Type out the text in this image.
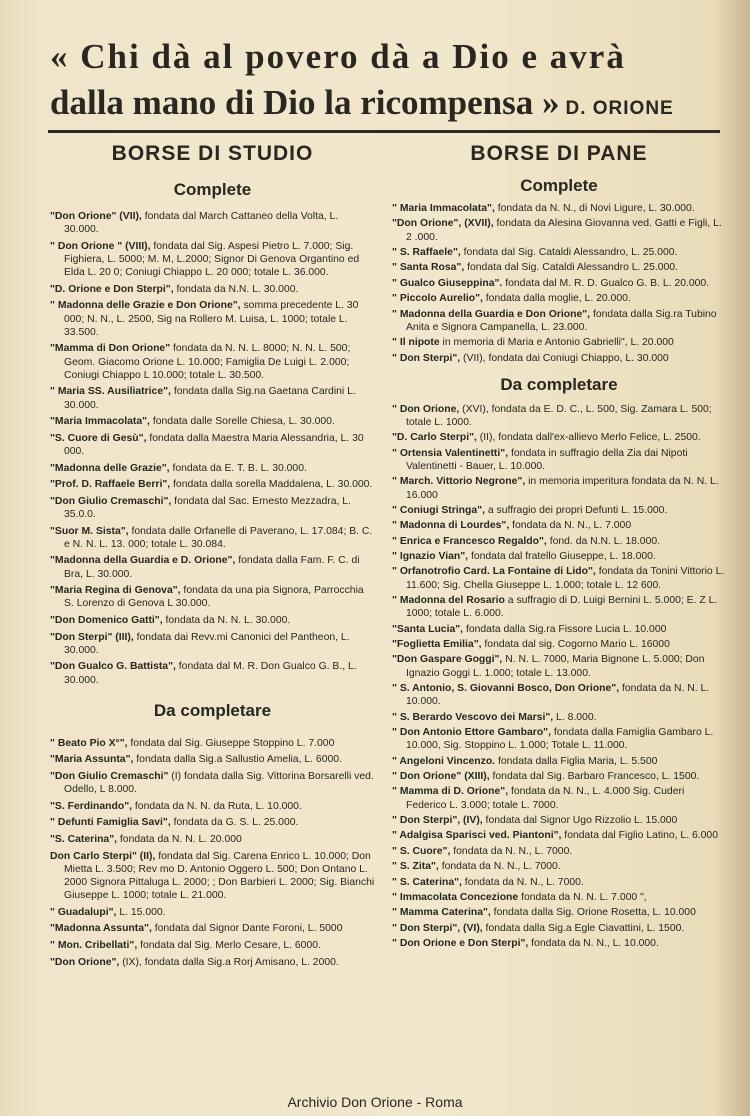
« Chi dà al povero dà a Dio e avrà
dalla mano di Dio la ricompensa » D. ORIONE
BORSE DI STUDIO
Complete
"Don Orione" (VII), fondata dal March Cattaneo della Volta, L. 30.000.
" Don Orione " (VIII), fondata dal Sig. Aspesi Pietro L. 7.000; Sig. Fighiera, L. 5000; M. M, L.2000; Signor Di Genova Organtino ed Elda L. 20 0; Coniugi Chiappo L. 20 000; totale L. 36.000.
"D. Orione e Don Sterpi", fondata da N.N. L. 30.000.
" Madonna delle Grazie e Don Orione", somma precedente L. 30 000; N. N., L. 2500, Sig na Rollero M. Luisa, L. 1000; totale L. 33.500.
"Mamma di Don Orione" fondata da N. N. L. 8000; N. N. L. 500; Geom. Giacomo Orione L. 10.000; Famiglia De Luigi L. 2.000; Coniugi Chiappo L 10.000; totale L. 30.500.
" Maria SS. Ausiliatrice", fondata dalla Sig.na Gaetana Cardini L. 30.000.
"Maria Immacolata", fondata dalle Sorelle Chiesa, L. 30.000.
"S. Cuore di Gesù", fondata dalla Maestra Maria Alessandria, L. 30 000.
"Madonna delle Grazie", fondata da E. T. B. L. 30.000.
"Prof. D. Raffaele Berri", fondata dalla sorella Maddalena, L. 30.000.
"Don Giulio Cremaschi", fondata dal Sac. Ernesto Mezzadra, L. 35.0.0.
"Suor M. Sista", fondata dalle Orfanelle di Paverano, L. 17.084; B. C. e N. N. L. 13. 000; totale L. 30.084.
"Madonna della Guardia e D. Orione", fondata dalla Fam. F. C. di Bra, L. 30.000.
"Maria Regina di Genova", fondata da una pia Signora, Parrocchia S. Lorenzo di Genova L 30.000.
"Don Domenico Gatti", fondata da N. N. L. 30.000.
"Don Sterpi" (III), fondata dai Revv.mi Canonici del Pantheon, L. 30.000.
"Don Gualco G. Battista", fondata dal M. R. Don Gualco G. B., L. 30.000.
Da completare
" Beato Pio X°", fondata dal Sig. Giuseppe Stoppino L. 7.000
"Maria Assunta", fondata dalla Sig.a Sallustio Amelia, L. 6000.
"Don Giulio Cremaschi" (I) fondata dalla Sig. Vittorina Borsarelli ved. Odello, L 8.000.
"S. Ferdinando", fondata da N. N. da Ruta, L. 10.000.
" Defunti Famiglia Savi", fondata da G. S. L. 25.000.
"S. Caterina", fondata da N. N. L. 20.000
Don Carlo Sterpi" (II), fondata dal Sig. Carena Enrico L. 10.000; Don Mietta L. 3.500; Rev mo D. Antonio Oggero L. 500; Don Ontano L. 2000 Signora Pittaluga L. 2000; ; Don Barbieri L. 2000; Sig. Bianchi Giuseppe L. 1000; totale L. 21.000.
" Guadalupi", L. 15.000.
"Madonna Assunta", fondata dal Signor Dante Foroni, L. 5000
" Mon. Cribellati", fondata dal Sig. Merlo Cesare, L. 6000.
"Don Orione", (IX), fondata dalla Sig.a Rorj Amisano, L. 2000.
BORSE DI PANE
Complete
" Maria Immacolata", fondata da N. N., di Novi Ligure, L. 30.000.
"Don Orione", (XVII), fondata da Alesina Giovanna ved. Gatti e Figli, L. 2 .000.
" S. Raffaele", fondata dal Sig. Cataldi Alessandro, L. 25.000.
" Santa Rosa", fondata dal Sig. Cataldi Alessandro L. 25.000.
" Gualco Giuseppina". fondata dal M. R. D. Gualco G. B. L. 20.000.
" Piccolo Aurelio", fondata dalla moglie, L. 20.000.
" Madonna della Guardia e Don Orione", fondata dalla Sig.ra Tubino Anita e Signora Campanella, L. 23.000.
" Il nipote in memoria di Maria e Antonio Gabrielli", L. 20.000
" Don Sterpi", (VII), fondata dai Coniugi Chiappo, L. 30.000
Da completare
" Don Orione, (XVI), fondata da E. D. C., L. 500, Sig. Zamara L. 500; totale L. 1000.
"D. Carlo Sterpi", (II), fondata dall'ex-allievo Merlo Felice, L. 2500.
" Ortensia Valentinetti", fondata in suffragio della Zia dai Nipoti Valentinetti - Bauer, L. 10.000.
" March. Vittorio Negrone", in memoria imperitura fondata da N. N. L. 16.000
" Coniugi Stringa", a suffragio dei propri Defunti L. 15.000.
" Madonna di Lourdes", fondata da N. N., L. 7.000
" Enrica e Francesco Regaldo", fond. da N.N. L. 18.000.
" Ignazio Vian", fondata dal fratello Giuseppe, L. 18.000.
" Orfanotrofio Card. La Fontaine di Lido", fondata da Tonini Vittorio L. 11.600; Sig. Chella Giuseppe L. 1.000; totale L. 12 600.
" Madonna del Rosario a suffragio di D. Luigi Bernini L. 5.000; E. Z L. 1000; totale L. 6.000.
"Santa Lucia", fondata dalla Sig.ra Fissore Lucia L. 10.000
"Foglietta Emilia", fondata dal sig. Cogorno Mario L. 16000
"Don Gaspare Goggi", N. N. L. 7000, Maria Bignone L. 5.000; Don Ignazio Goggi L. 1.000; totale L. 13.000.
" S. Antonio, S. Giovanni Bosco, Don Orione", fondata da N. N. L. 10.000.
" S. Berardo Vescovo dei Marsi", L. 8.000.
" Don Antonio Ettore Gambaro", fondata dalla Famiglia Gambaro L. 10.000, Sig. Stoppino L. 1.000; Totale L. 11.000.
" Angeloni Vincenzo. fondata dalla Figlia Maria, L. 5.500
" Don Orione" (XIII), fondata dal Sig. Barbaro Francesco, L. 1500.
" Mamma di D. Orione", fondata da N. N., L. 4.000 Sig. Cuderi Federico L. 3.000; totale L. 7000.
" Don Sterpi", (IV), fondata dal Signor Ugo Rizzolio L. 15.000
" Adalgisa Sparisci ved. Piantoni", fondata dal Figlio Latino, L. 6.000
" S. Cuore", fondata da N. N., L. 7000.
" S. Zita", fondata da N. N., L. 7000.
" S. Caterina", fondata da N. N., L. 7000.
" Immacolata Concezione fondata da N. N. L. 7.000 ",
" Mamma Caterina", fondata dalla Sig. Orione Rosetta, L. 10.000
" Don Sterpi", (VI), fondata dalla Sig.a Egle Ciavattini, L. 1500.
" Don Orione e Don Sterpi", fondata da N. N., L. 10.000.
Archivio Don Orione - Roma
